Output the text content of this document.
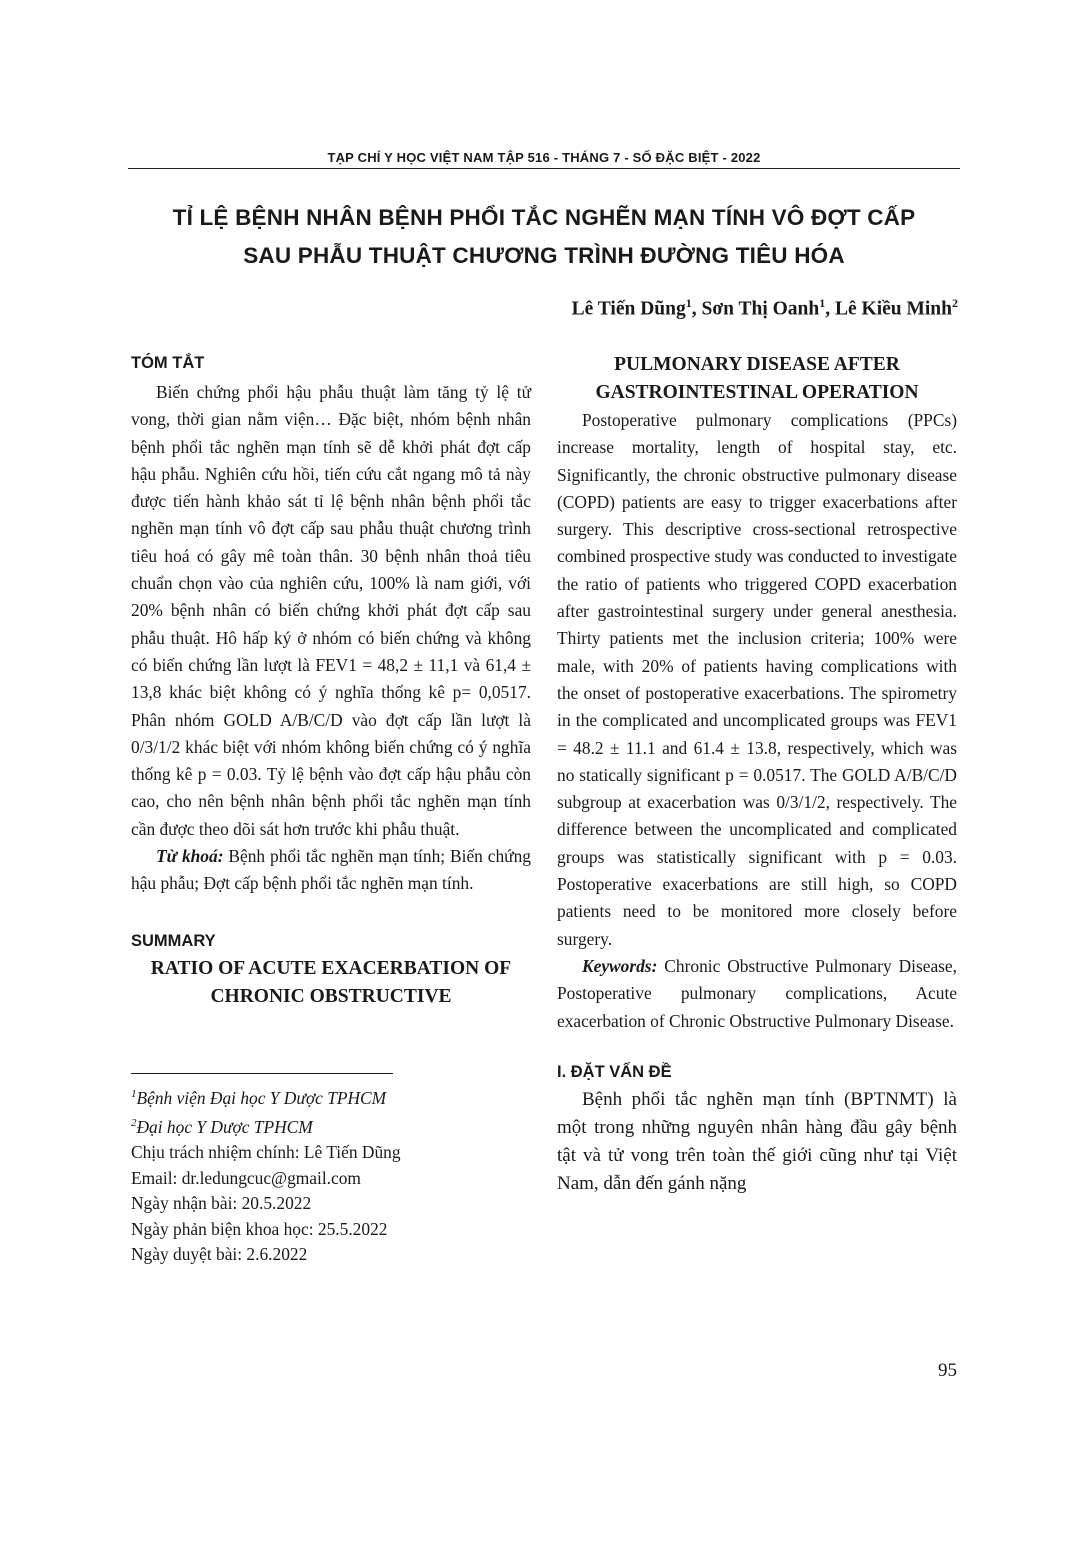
TẠP CHÍ Y HỌC VIỆT NAM TẬP 516 - THÁNG 7 - SỐ ĐẶC BIỆT - 2022
TỈ LỆ BỆNH NHÂN BỆNH PHỔI TẮC NGHẼN MẠN TÍNH VÔ ĐỢT CẤP
SAU PHẪU THUẬT CHƯƠNG TRÌNH ĐƯỜNG TIÊU HÓA
Lê Tiến Dũng$^1$, Sơn Thị Oanh$^1$, Lê Kiều Minh$^2$
TÓM TẮT

Biến chứng phổi hậu phẫu thuật làm tăng tỷ lệ tử vong, thời gian nằm viện… Đặc biệt, nhóm bệnh nhân bệnh phổi tắc nghẽn mạn tính sẽ dễ khởi phát đợt cấp hậu phẫu. Nghiên cứu hồi, tiến cứu cắt ngang mô tả này được tiến hành khảo sát tỉ lệ bệnh nhân bệnh phổi tắc nghẽn mạn tính vô đợt cấp sau phẫu thuật chương trình tiêu hoá có gây mê toàn thân. 30 bệnh nhân thoả tiêu chuẩn chọn vào của nghiên cứu, 100% là nam giới, với 20% bệnh nhân có biến chứng khởi phát đợt cấp sau phẫu thuật. Hô hấp ký ở nhóm có biến chứng và không có biến chứng lần lượt là FEV1 = 48,2 ± 11,1 và 61,4 ± 13,8 khác biệt không có ý nghĩa thống kê p= 0,0517. Phân nhóm GOLD A/B/C/D vào đợt cấp lần lượt là 0/3/1/2 khác biệt với nhóm không biến chứng có ý nghĩa thống kê p = 0.03. Tỷ lệ bệnh vào đợt cấp hậu phẫu còn cao, cho nên bệnh nhân bệnh phổi tắc nghẽn mạn tính cần được theo dõi sát hơn trước khi phẫu thuật.

Từ khoá: Bệnh phổi tắc nghẽn mạn tính; Biến chứng hậu phẫu; Đợt cấp bệnh phổi tắc nghẽn mạn tính.

SUMMARY

RATIO OF ACUTE EXACERBATION OF CHRONIC OBSTRUCTIVE

$^1$Bệnh viện Đại học Y Dược TPHCM

$^2$Đại học Y Dược TPHCM

Chịu trách nhiệm chính: Lê Tiến Dũng

Email: dr.ledungcuc@gmail.com

Ngày nhận bài: 20.5.2022

Ngày phản biện khoa học: 25.5.2022

Ngày duyệt bài: 2.6.2022

PULMONARY DISEASE AFTER GASTROINTESTINAL OPERATION

Postoperative pulmonary complications (PPCs) increase mortality, length of hospital stay, etc. Significantly, the chronic obstructive pulmonary disease (COPD) patients are easy to trigger exacerbations after surgery. This descriptive cross-sectional retrospective combined prospective study was conducted to investigate the ratio of patients who triggered COPD exacerbation after gastrointestinal surgery under general anesthesia. Thirty patients met the inclusion criteria; 100% were male, with 20% of patients having complications with the onset of postoperative exacerbations. The spirometry in the complicated and uncomplicated groups was FEV1 = 48.2 ± 11.1 and 61.4 ± 13.8, respectively, which was no statically significant p = 0.0517. The GOLD A/B/C/D subgroup at exacerbation was 0/3/1/2, respectively. The difference between the uncomplicated and complicated groups was statistically significant with p = 0.03. Postoperative exacerbations are still high, so COPD patients need to be monitored more closely before surgery.

Keywords: Chronic Obstructive Pulmonary Disease, Postoperative pulmonary complications, Acute exacerbation of Chronic Obstructive Pulmonary Disease.

I. ĐẶT VẤN ĐỀ

Bệnh phổi tắc nghẽn mạn tính (BPTNMT) là một trong những nguyên nhân hàng đầu gây bệnh tật và tử vong trên toàn thế giới cũng như tại Việt Nam, dẫn đến gánh nặng

95
